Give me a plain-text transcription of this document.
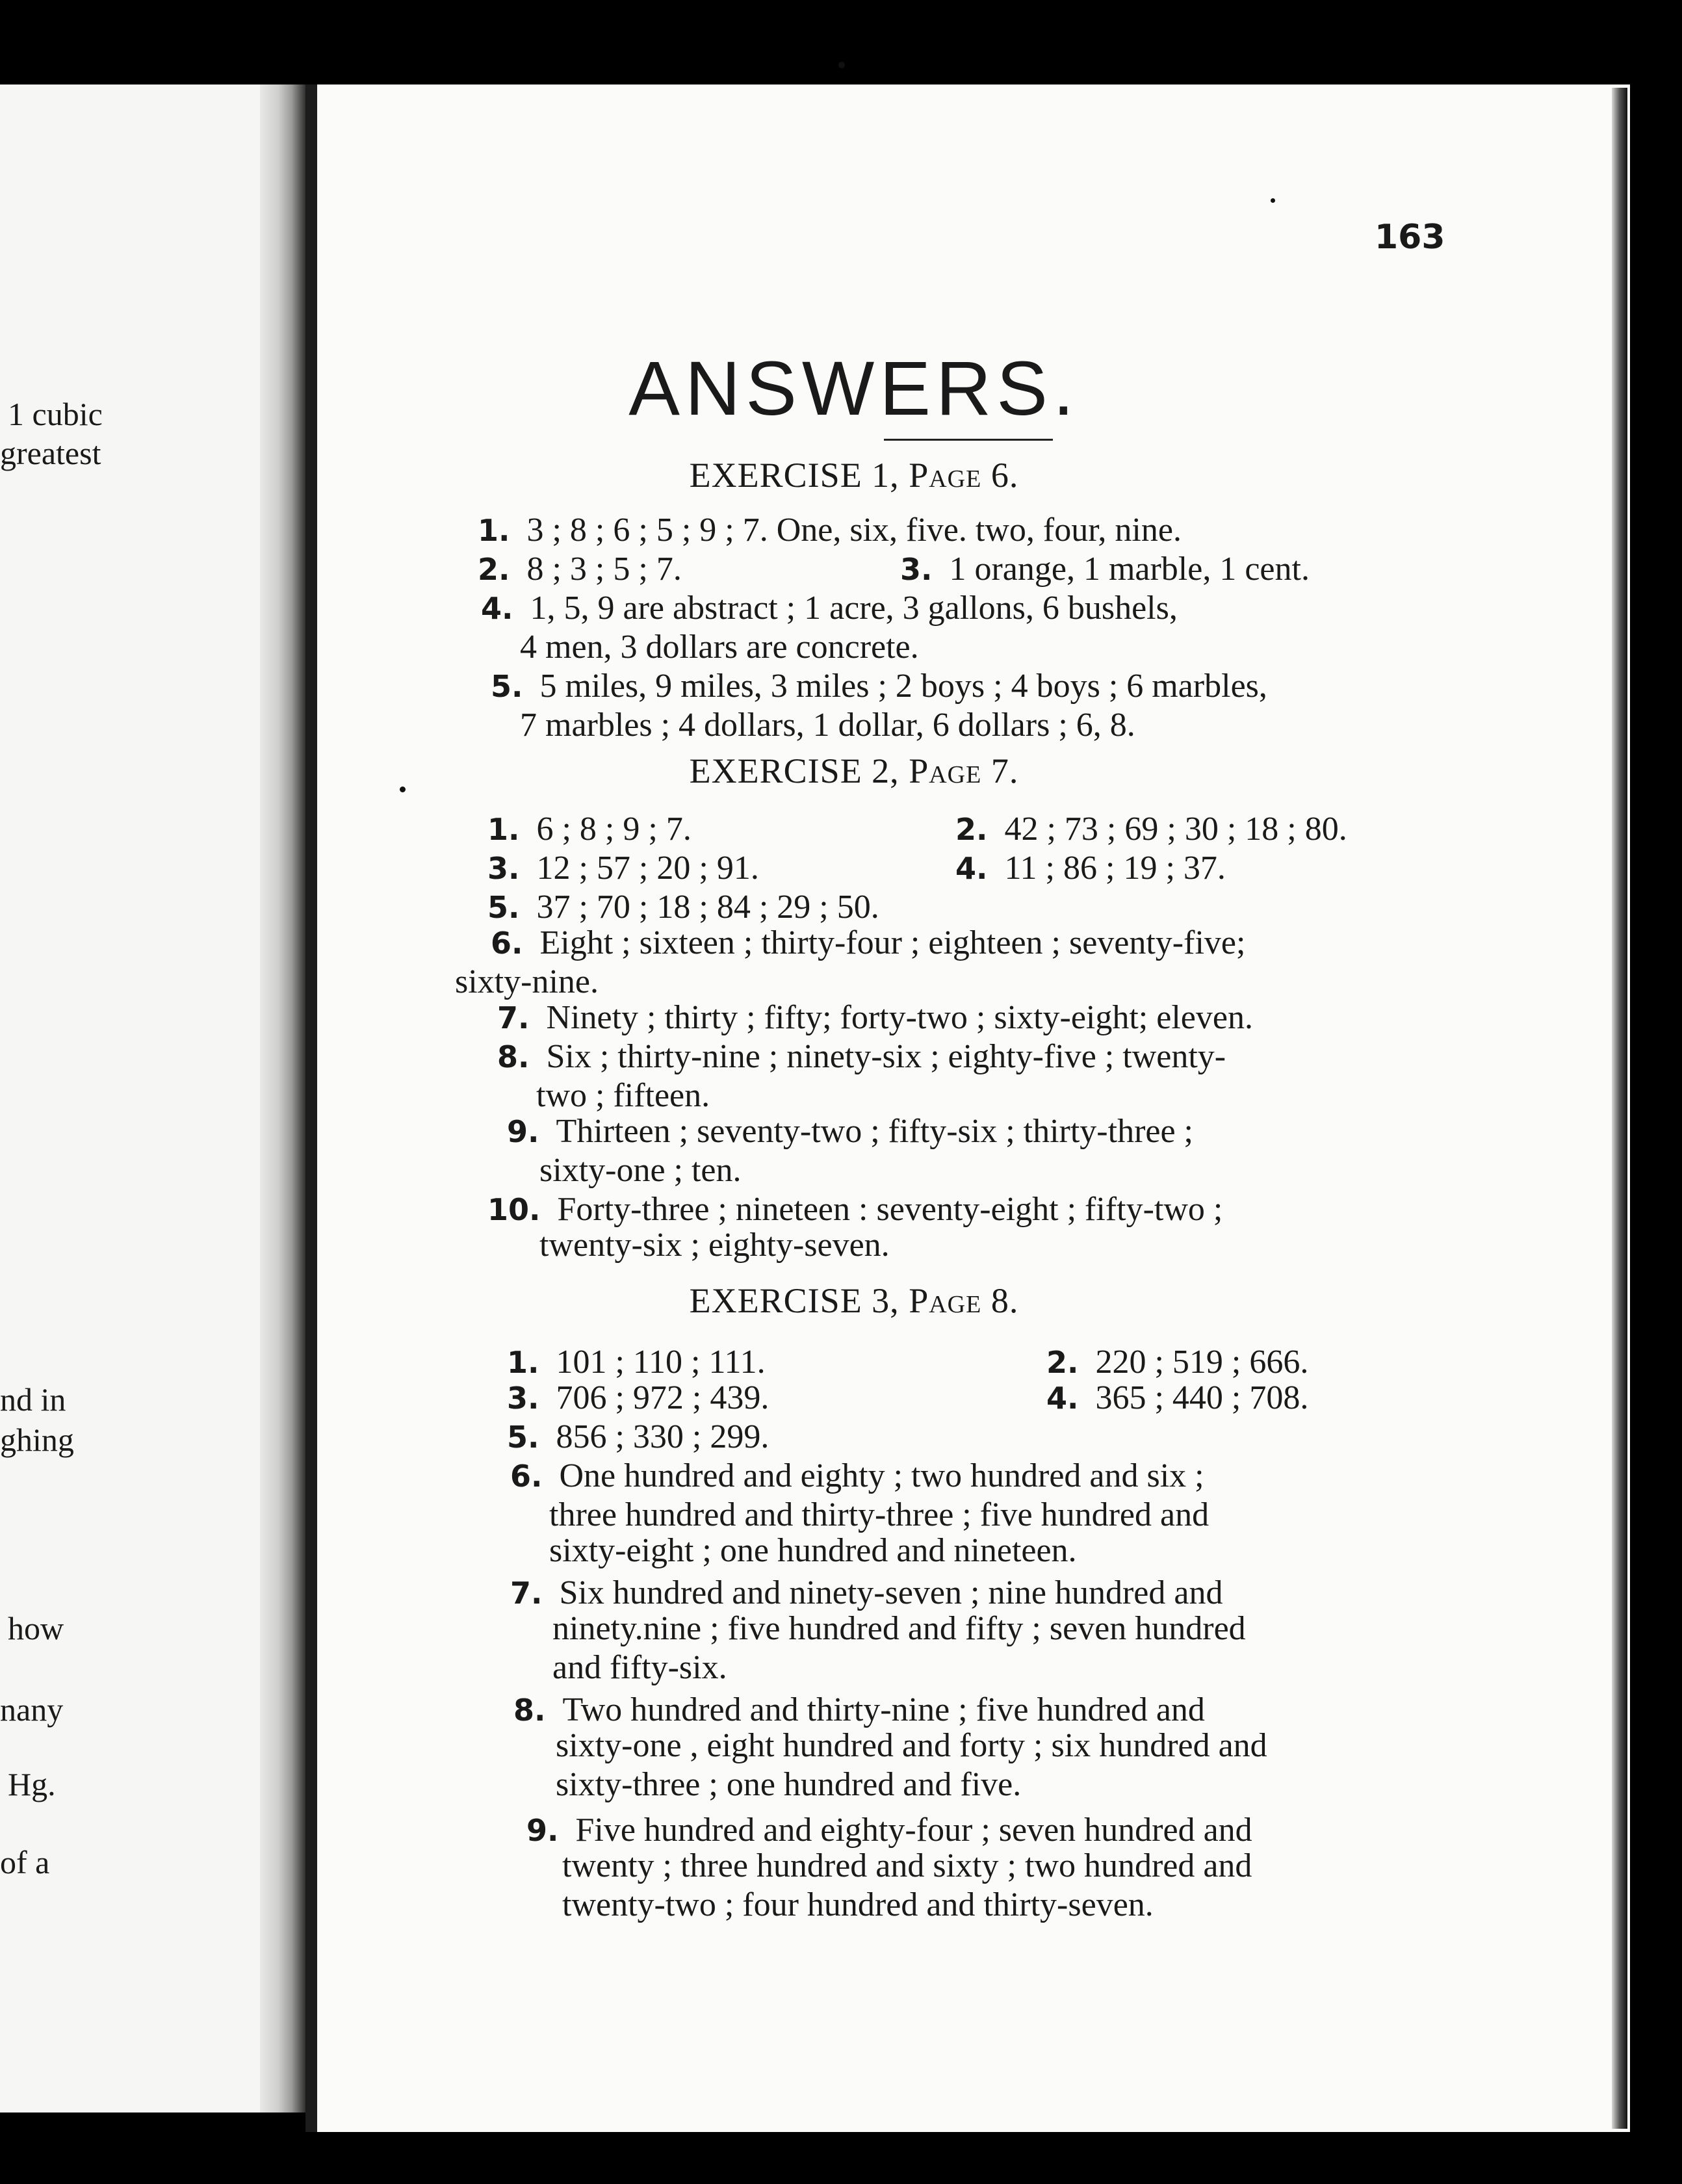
1 cubic
greatest
nd in
ghing
how
nany
Hg.
of a
163
ANSWERS.
EXERCISE 1, Page 6.
1. 3 ; 8 ; 6 ; 5 ; 9 ; 7. One, six, five. two, four, nine.
2. 8 ; 3 ; 5 ; 7.	3. 1 orange, 1 marble, 1 cent.
4. 1, 5, 9 are abstract ; 1 acre, 3 gallons, 6 bushels,
4 men, 3 dollars are concrete.
5. 5 miles, 9 miles, 3 miles ; 2 boys ; 4 boys ; 6 marbles,
7 marbles ; 4 dollars, 1 dollar, 6 dollars ; 6, 8.
EXERCISE 2, Page 7.
1. 6 ; 8 ; 9 ; 7.	2. 42 ; 73 ; 69 ; 30 ; 18 ; 80.
3. 12 ; 57 ; 20 ; 91.	4. 11 ; 86 ; 19 ; 37.
5. 37 ; 70 ; 18 ; 84 ; 29 ; 50.
6. Eight ; sixteen ; thirty-four ; eighteen ; seventy-five;
sixty-nine.
7. Ninety ; thirty ; fifty; forty-two ; sixty-eight; eleven.
8. Six ; thirty-nine ; ninety-six ; eighty-five ; twenty-
two ; fifteen.
9. Thirteen ; seventy-two ; fifty-six ; thirty-three ;
sixty-one ; ten.
10. Forty-three ; nineteen : seventy-eight ; fifty-two ;
twenty-six ; eighty-seven.
EXERCISE 3, Page 8.
1. 101 ; 110 ; 111.	2. 220 ; 519 ; 666.
3. 706 ; 972 ; 439.	4. 365 ; 440 ; 708.
5. 856 ; 330 ; 299.
6. One hundred and eighty ; two hundred and six ;
three hundred and thirty-three ; five hundred and
sixty-eight ; one hundred and nineteen.
7. Six hundred and ninety-seven ; nine hundred and
ninety.nine ; five hundred and fifty ; seven hundred
and fifty-six.
8. Two hundred and thirty-nine ; five hundred and
sixty-one , eight hundred and forty ; six hundred and
sixty-three ; one hundred and five.
9. Five hundred and eighty-four ; seven hundred and
twenty ; three hundred and sixty ; two hundred and
twenty-two ; four hundred and thirty-seven.
